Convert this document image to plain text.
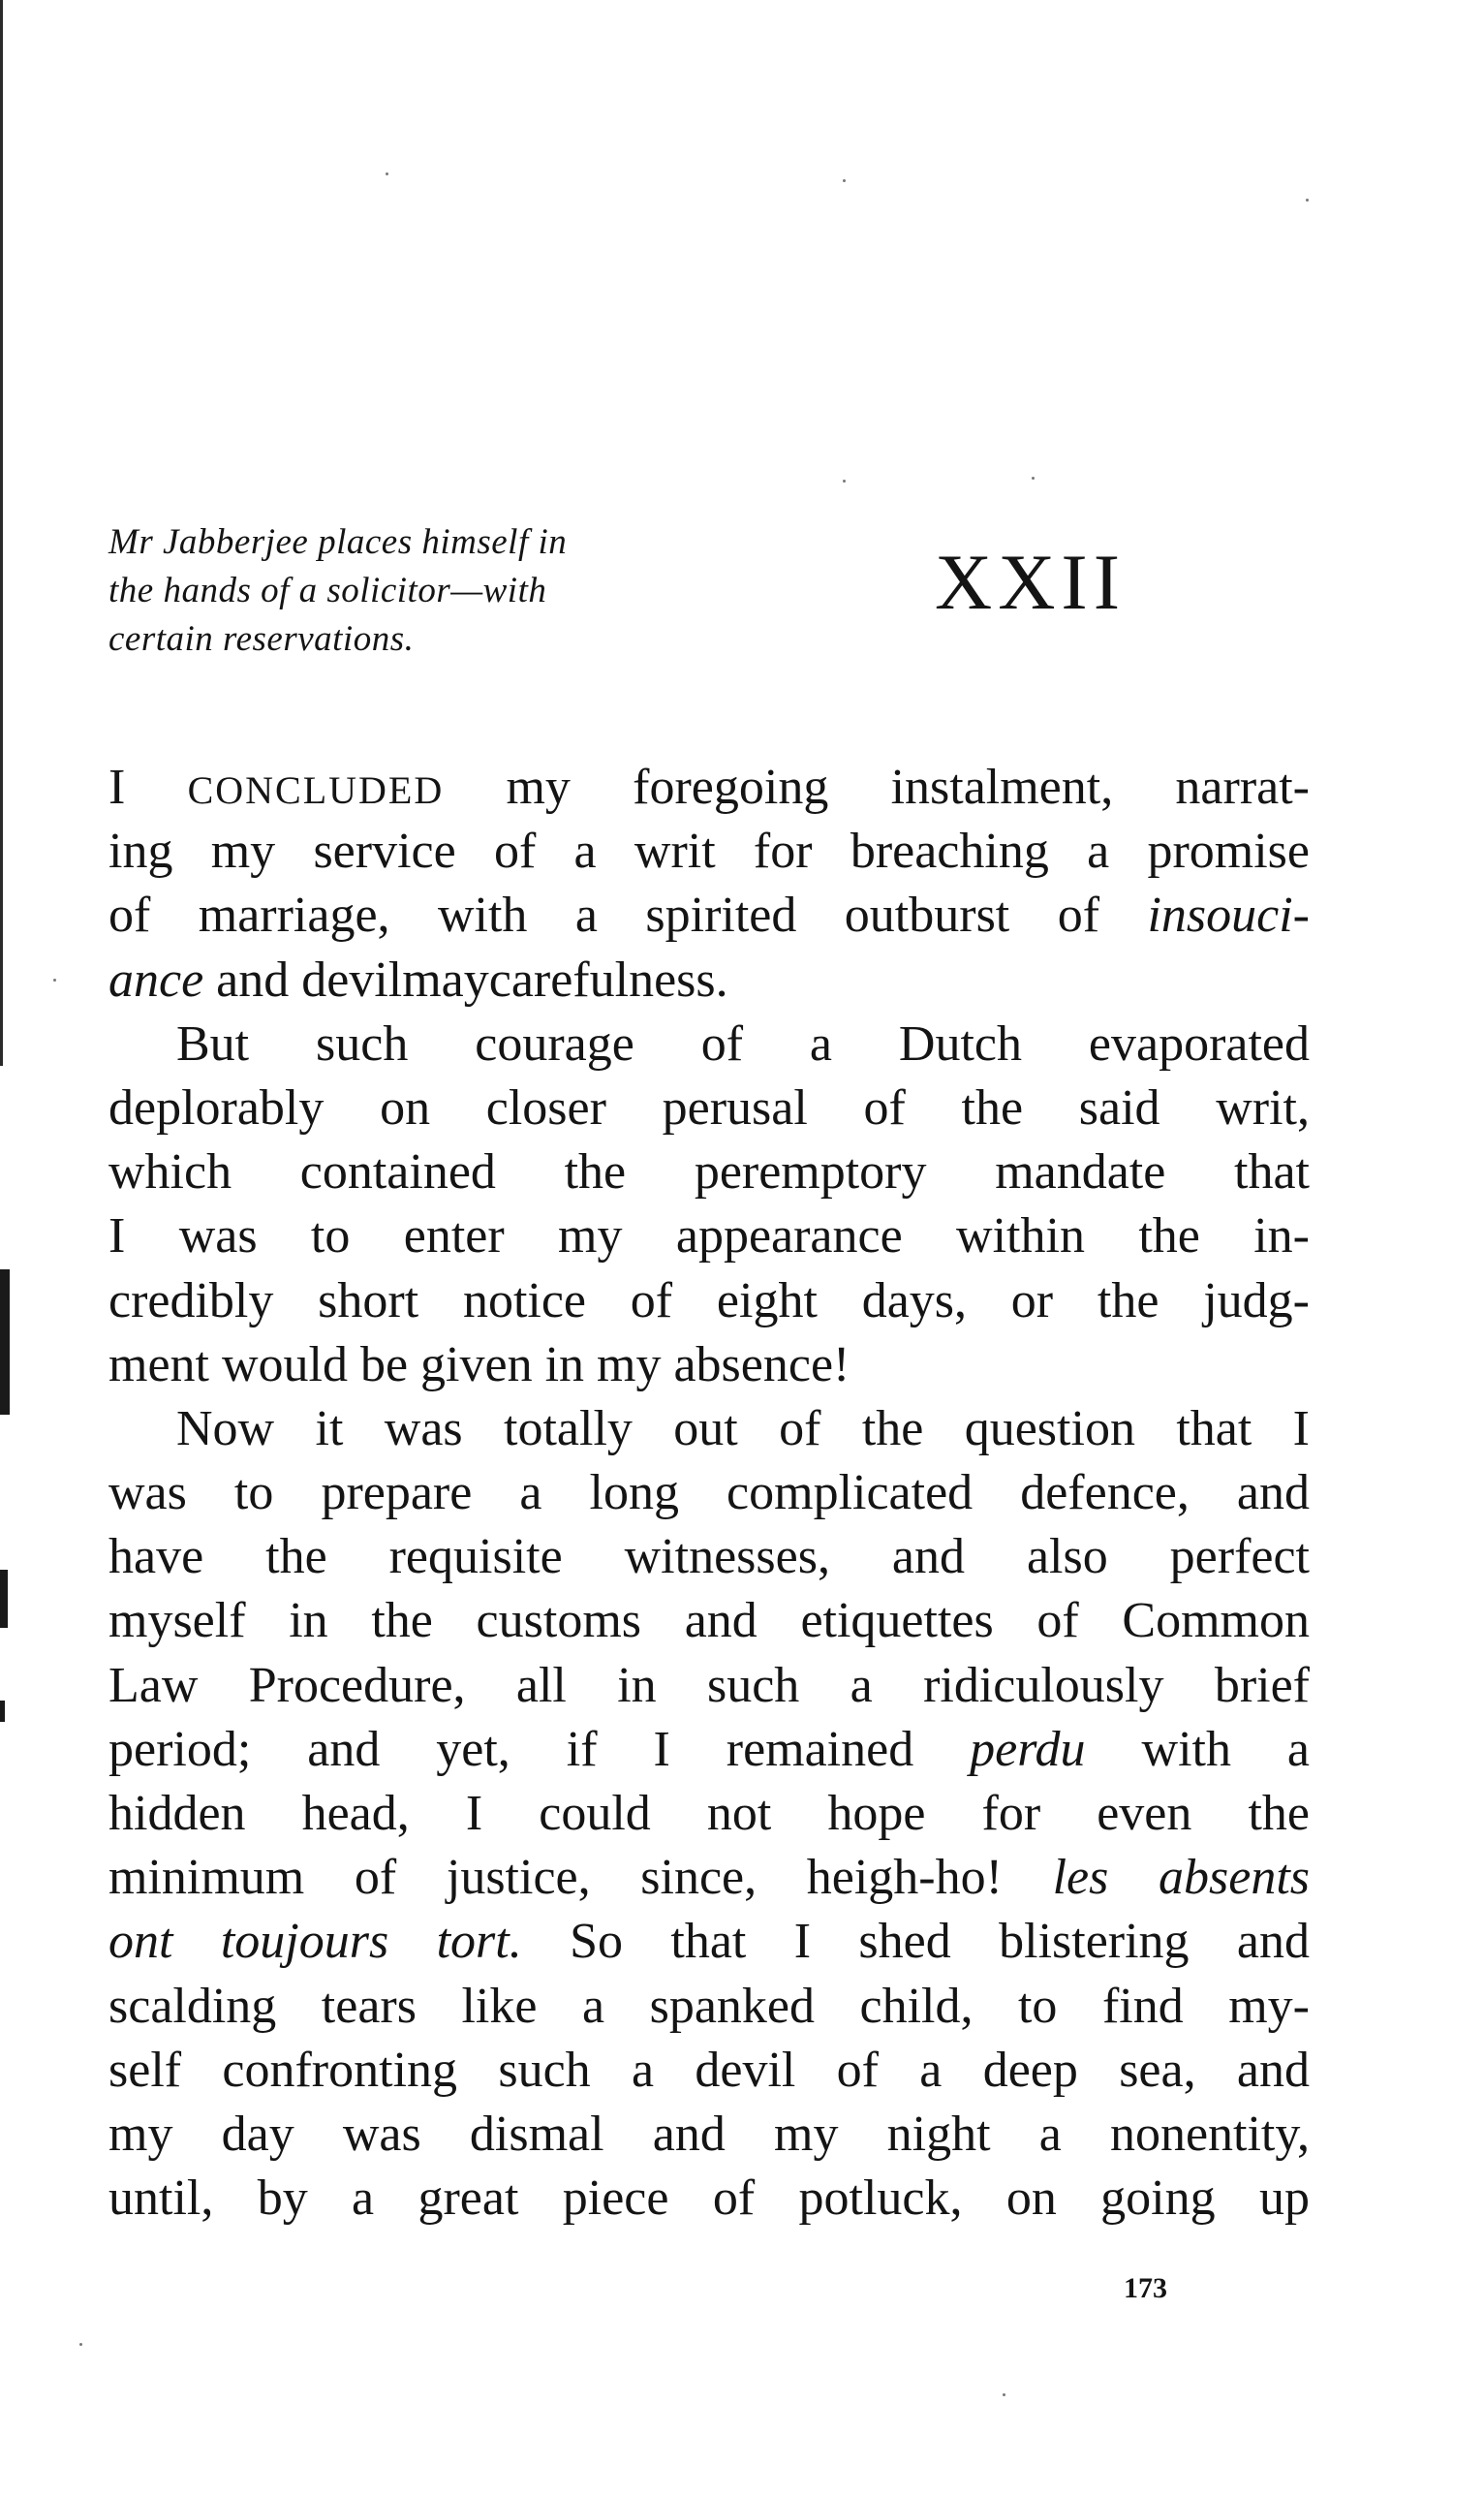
Mr Jabberjee places himself in
the hands of a solicitor—with
certain reservations.
XXII
I CONCLUDED my foregoing instalment, narrat-
ing my service of a writ for breaching a promise
of marriage, with a spirited outburst of insouci-
ance and devilmaycarefulness.
But such courage of a Dutch evaporated
deplorably on closer perusal of the said writ,
which contained the peremptory mandate that
I was to enter my appearance within the in-
credibly short notice of eight days, or the judg-
ment would be given in my absence!
Now it was totally out of the question that I
was to prepare a long complicated defence, and
have the requisite witnesses, and also perfect
myself in the customs and etiquettes of Common
Law Procedure, all in such a ridiculously brief
period; and yet, if I remained perdu with a
hidden head, I could not hope for even the
minimum of justice, since, heigh-ho! les absents
ont toujours tort. So that I shed blistering and
scalding tears like a spanked child, to find my-
self confronting such a devil of a deep sea, and
my day was dismal and my night a nonentity,
until, by a great piece of potluck, on going up
173
